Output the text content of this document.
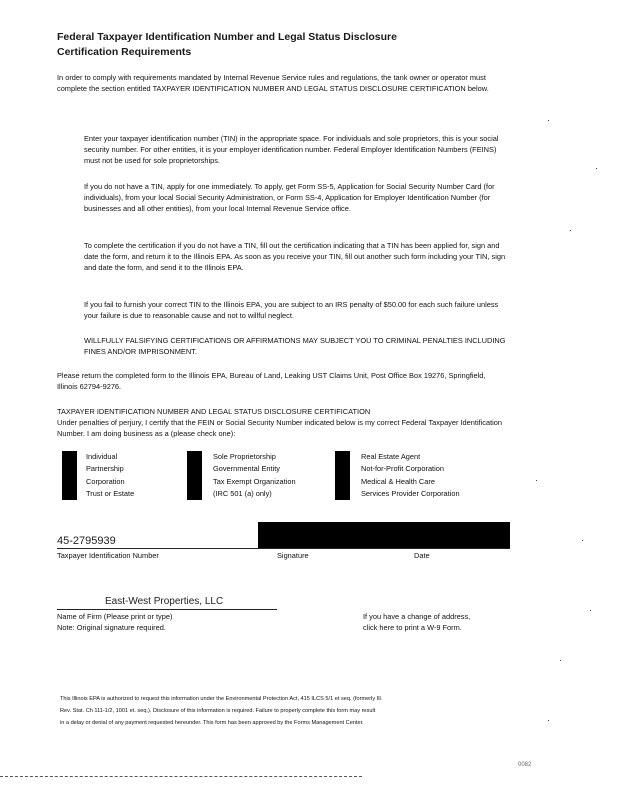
Federal Taxpayer Identification Number and Legal Status Disclosure
Certification Requirements
In order to comply with requirements mandated by Internal Revenue Service rules and regulations, the tank owner or operator must complete the section entitled TAXPAYER IDENTIFICATION NUMBER AND LEGAL STATUS DISCLOSURE CERTIFICATION below.
Enter your taxpayer identification number (TIN) in the appropriate space. For individuals and sole proprietors, this is your social security number. For other entities, it is your employer identification number. Federal Employer Identification Numbers (FEINS) must not be used for sole proprietorships.
If you do not have a TIN, apply for one immediately. To apply, get Form SS-5, Application for Social Security Number Card (for individuals), from your local Social Security Administration, or Form SS-4, Application for Employer Identification Number (for businesses and all other entities), from your local Internal Revenue Service office.
To complete the certification if you do not have a TIN, fill out the certification indicating that a TIN has been applied for, sign and date the form, and return it to the Illinois EPA. As soon as you receive your TIN, fill out another such form including your TIN, sign and date the form, and send it to the Illinois EPA.
If you fail to furnish your correct TIN to the Illinois EPA, you are subject to an IRS penalty of $50.00 for each such failure unless your failure is due to reasonable cause and not to willful neglect.
WILLFULLY FALSIFYING CERTIFICATIONS OR AFFIRMATIONS MAY SUBJECT YOU TO CRIMINAL PENALTIES INCLUDING FINES AND/OR IMPRISONMENT.
Please return the completed form to the Illinois EPA, Bureau of Land, Leaking UST Claims Unit, Post Office Box 19276, Springfield, Illinois 62794-9276.
TAXPAYER IDENTIFICATION NUMBER AND LEGAL STATUS DISCLOSURE CERTIFICATION
Under penalties of perjury, I certify that the FEIN or Social Security Number indicated below is my correct Federal Taxpayer Identification Number. I am doing business as a (please check one):
Individual
Partnership
Corporation
Trust or Estate
Sole Proprietorship
Governmental Entity
Tax Exempt Organization
(IRC 501 (a) only)
Real Estate Agent
Not-for-Profit Corporation
Medical & Health Care
Services Provider Corporation
45-2795939
Taxpayer Identification Number	Signature	Date
East-West Properties, LLC
Name of Firm (Please print or type)
Note: Original signature required.
If you have a change of address,
click here to print a W-9 Form.
This Illinois EPA is authorized to request this information under the Environmental Protection Act, 415 ILCS 5/1 et seq. (formerly Ill.
Rev. Stat. Ch 111-1/2, 1001 et. seq.). Disclosure of this information is required. Failure to properly complete this form may result
in a delay or denial of any payment requested hereunder. This form has been approved by the Forms Management Center.
0082
